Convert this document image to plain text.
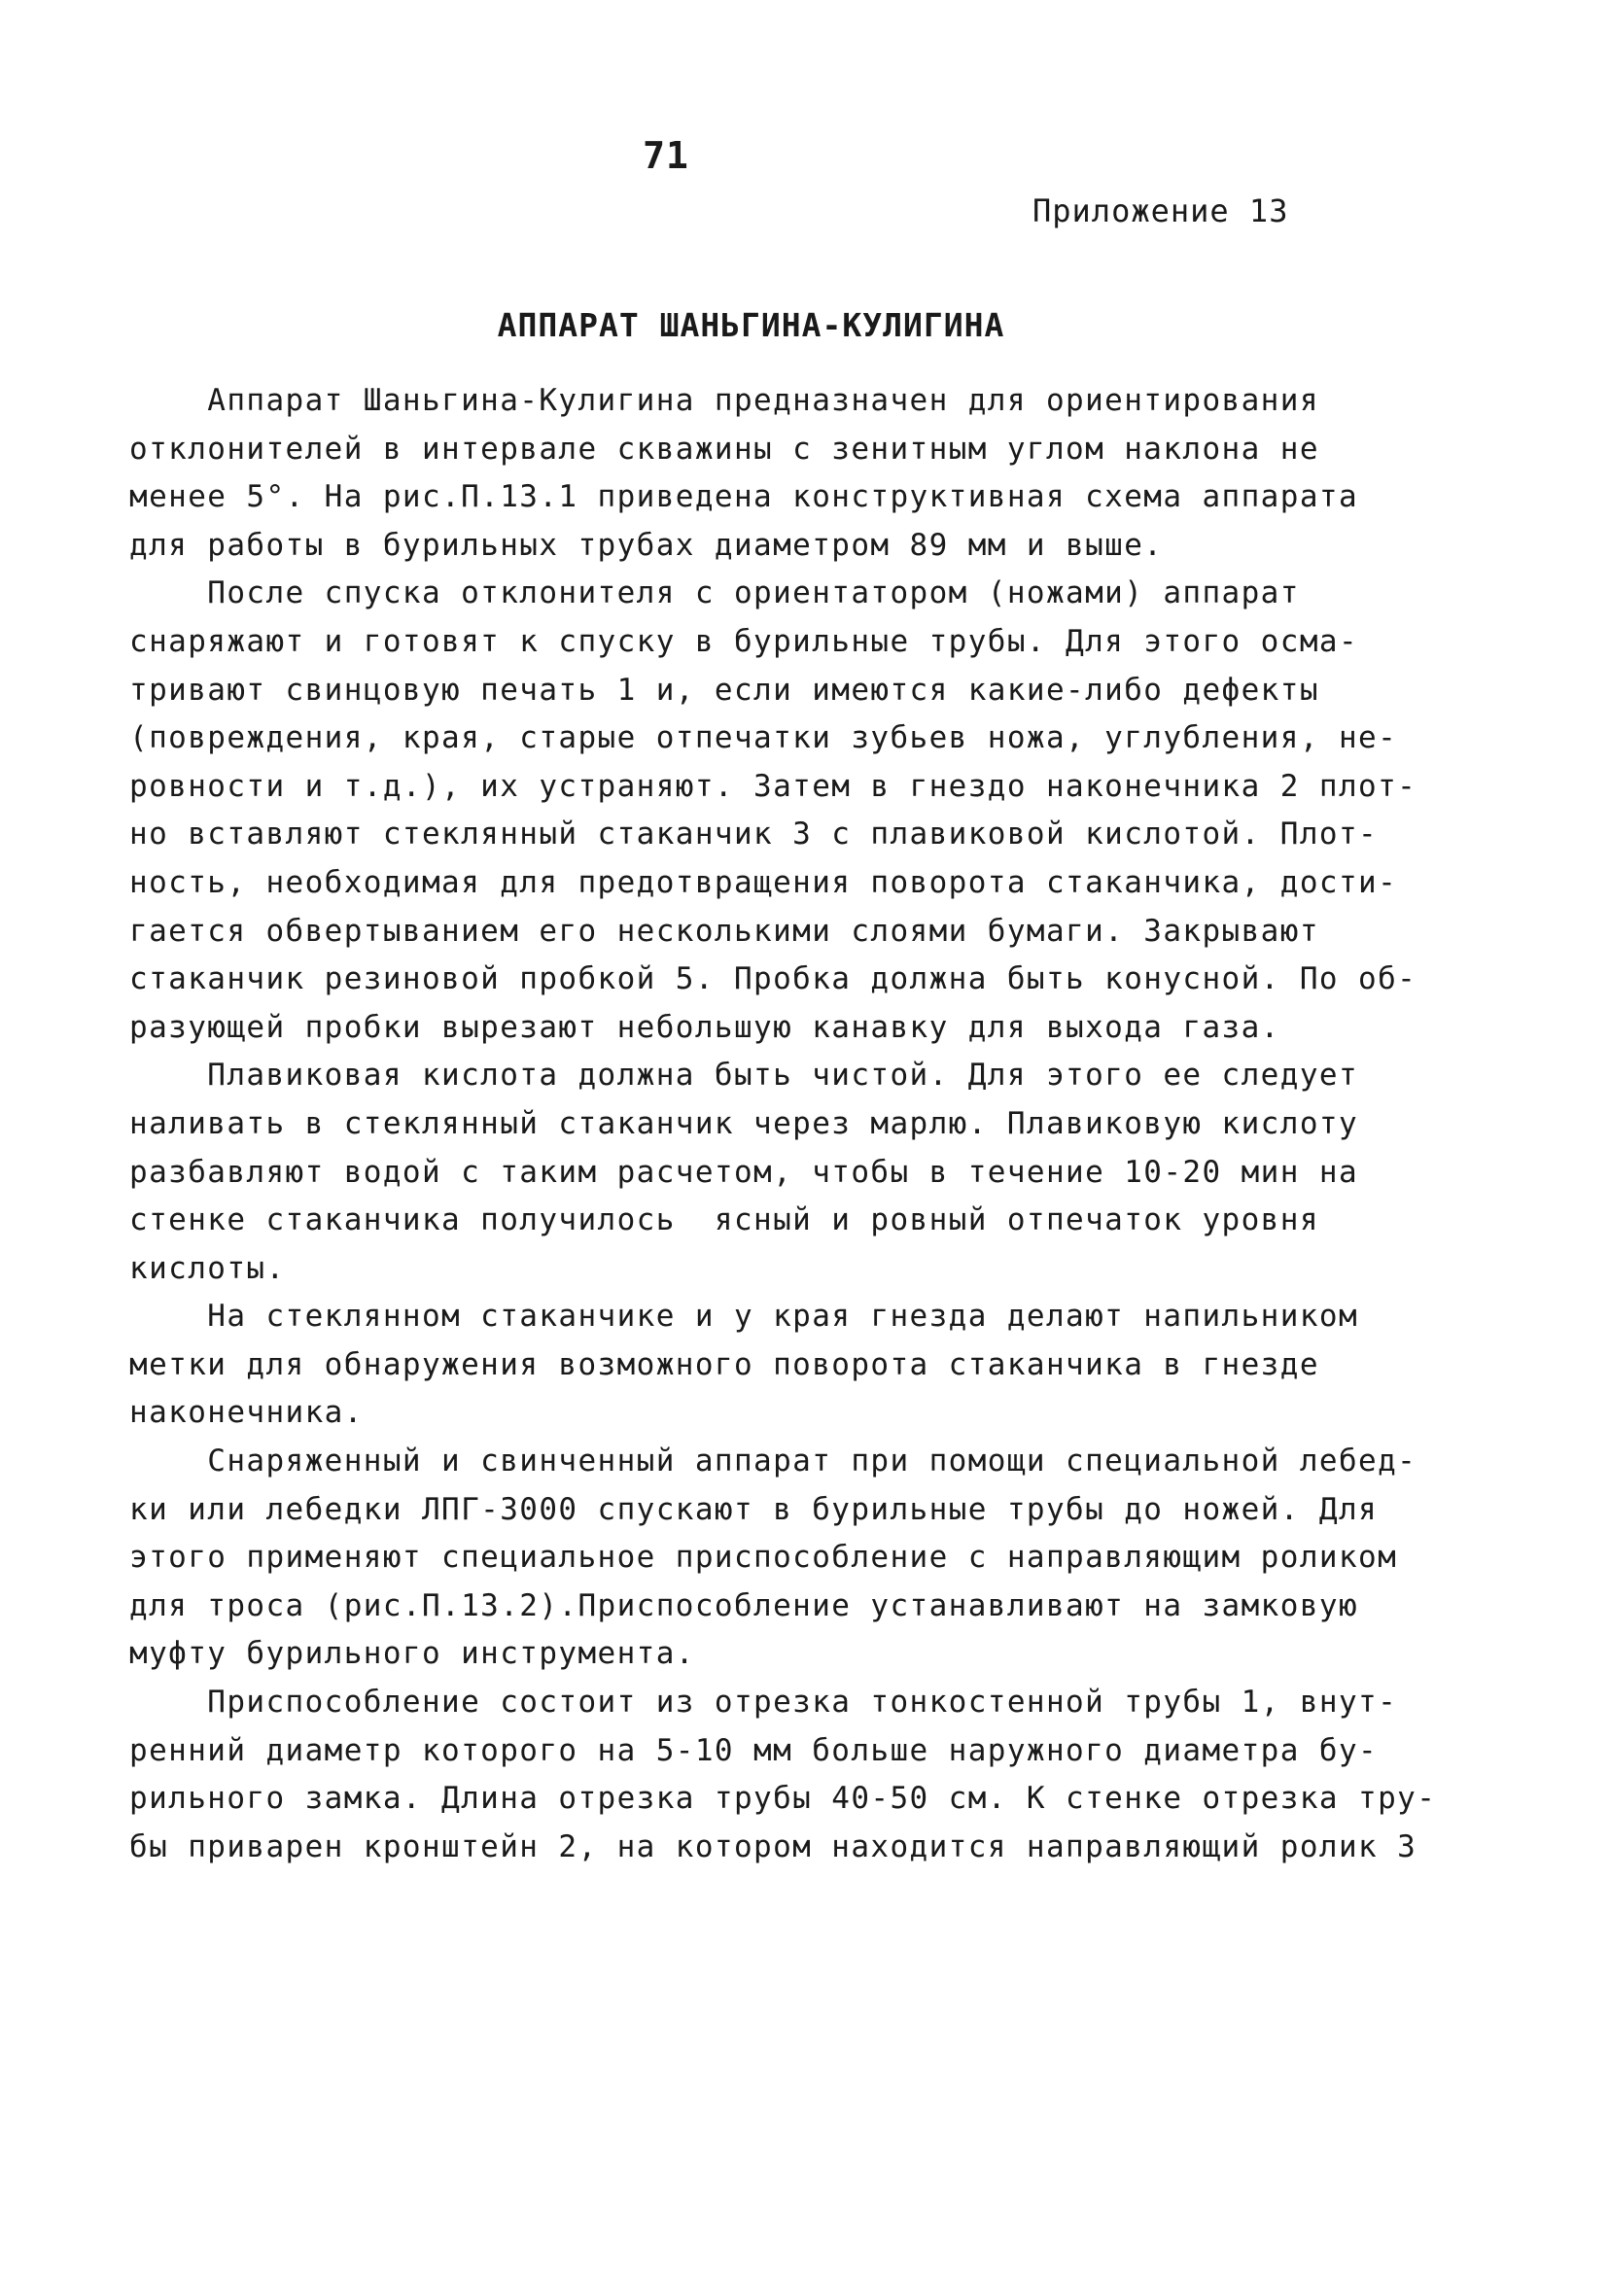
71
Приложение 13
АППАРАТ ШАНЬГИНА-КУЛИГИНА
Аппарат Шаньгина-Кулигина предназначен для ориентирования
отклонителей в интервале скважины с зенитным углом наклона не
менее 5°. На рис.П.13.1 приведена конструктивная схема аппарата
для работы в бурильных трубах диаметром 89 мм и выше.
После спуска отклонителя с ориентатором (ножами) аппарат
снаряжают и готовят к спуску в бурильные трубы. Для этого осма-
тривают свинцовую печать 1 и, если имеются какие-либо дефекты
(повреждения, края, старые отпечатки зубьев ножа, углубления, не-
ровности и т.д.), их устраняют. Затем в гнездо наконечника 2 плот-
но вставляют стеклянный стаканчик 3 с плавиковой кислотой. Плот-
ность, необходимая для предотвращения поворота стаканчика, дости-
гается обвертыванием его несколькими слоями бумаги. Закрывают
стаканчик резиновой пробкой 5. Пробка должна быть конусной. По об-
разующей пробки вырезают небольшую канавку для выхода газа.
Плавиковая кислота должна быть чистой. Для этого ее следует
наливать в стеклянный стаканчик через марлю. Плавиковую кислоту
разбавляют водой с таким расчетом, чтобы в течение 10-20 мин на
стенке стаканчика получилось  ясный и ровный отпечаток уровня
кислоты.
На стеклянном стаканчике и у края гнезда делают напильником
метки для обнаружения возможного поворота стаканчика в гнезде
наконечника.
Снаряженный и свинченный аппарат при помощи специальной лебед-
ки или лебедки ЛПГ-3000 спускают в бурильные трубы до ножей. Для
этого применяют специальное приспособление с направляющим роликом
для троса (рис.П.13.2).Приспособление устанавливают на замковую
муфту бурильного инструмента.
Приспособление состоит из отрезка тонкостенной трубы 1, внут-
ренний диаметр которого на 5-10 мм больше наружного диаметра бу-
рильного замка. Длина отрезка трубы 40-50 см. К стенке отрезка тру-
бы приварен кронштейн 2, на котором находится направляющий ролик 3
